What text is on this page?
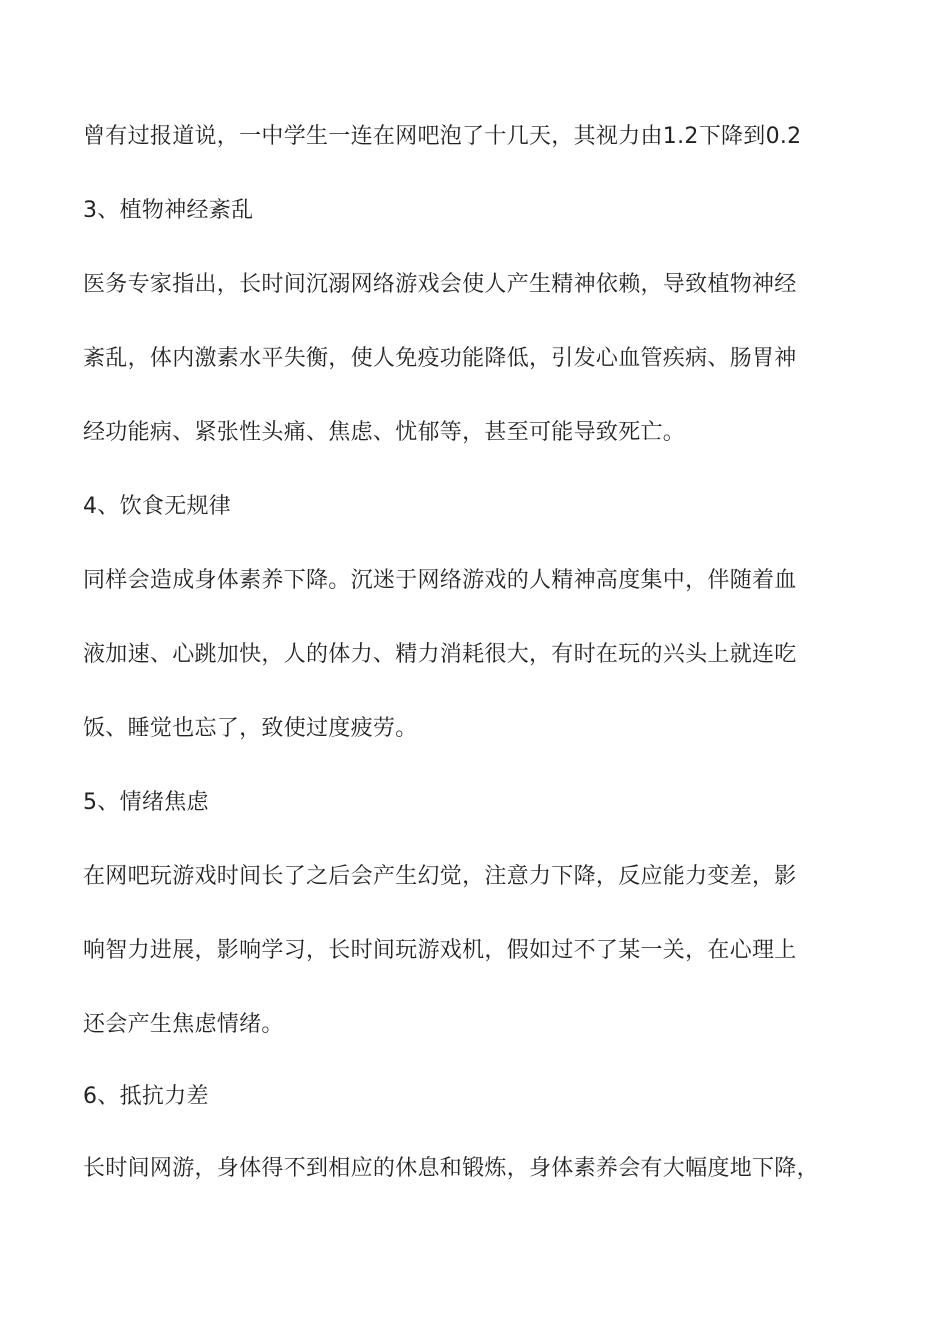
曾有过报道说，一中学生一连在网吧泡了十几天，其视力由1.2下降到0.2
3、植物神经紊乱
医务专家指出，长时间沉溺网络游戏会使人产生精神依赖，导致植物神经
紊乱，体内激素水平失衡，使人免疫功能降低，引发心血管疾病、肠胃神
经功能病、紧张性头痛、焦虑、忧郁等，甚至可能导致死亡。
4、饮食无规律
同样会造成身体素养下降。沉迷于网络游戏的人精神高度集中，伴随着血
液加速、心跳加快，人的体力、精力消耗很大，有时在玩的兴头上就连吃
饭、睡觉也忘了，致使过度疲劳。
5、情绪焦虑
在网吧玩游戏时间长了之后会产生幻觉，注意力下降，反应能力变差，影
响智力进展，影响学习，长时间玩游戏机，假如过不了某一关，在心理上
还会产生焦虑情绪。
6、抵抗力差
长时间网游，身体得不到相应的休息和锻炼，身体素养会有大幅度地下降，
